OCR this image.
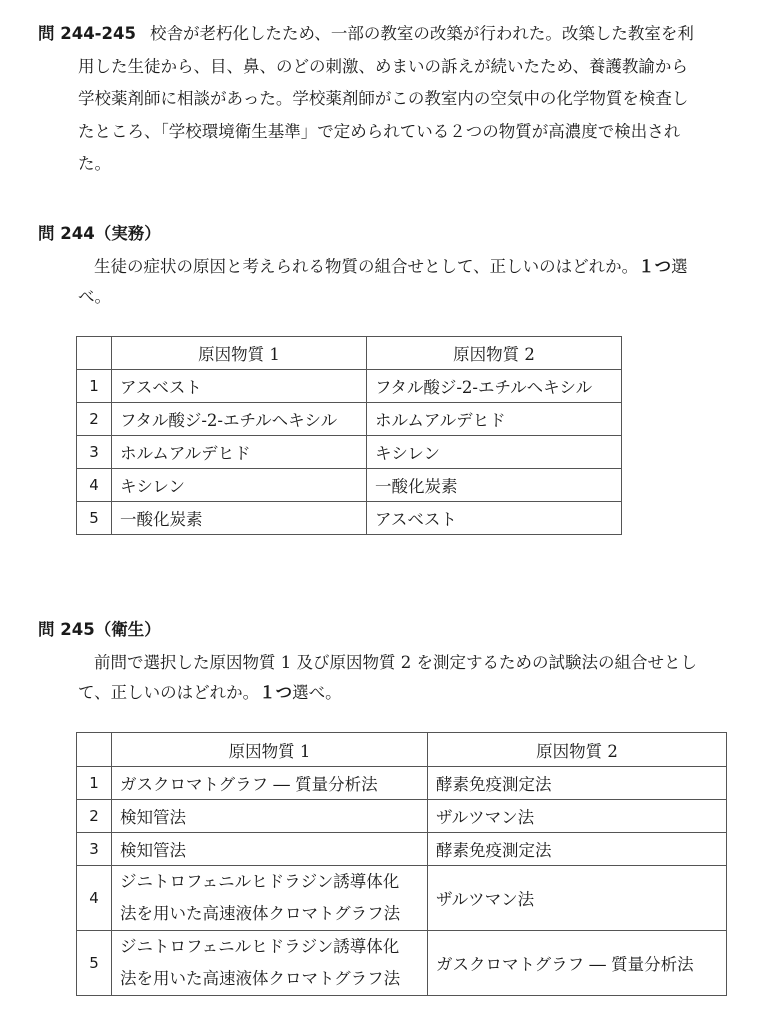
問 244-245 校舎が老朽化したため、一部の教室の改築が行われた。改築した教室を利
用した生徒から、目、鼻、のどの刺激、めまいの訴えが続いたため、養護教諭から
学校薬剤師に相談があった。学校薬剤師がこの教室内の空気中の化学物質を検査し
たところ、「学校環境衛生基準」で定められている２つの物質が高濃度で検出され
た。
問 244（実務）
生徒の症状の原因と考えられる物質の組合せとして、正しいのはどれか。１つ選
べ。
	原因物質 1	原因物質 2
1	アスベスト	フタル酸ジ-2-エチルヘキシル
2	フタル酸ジ-2-エチルヘキシル	ホルムアルデヒド
3	ホルムアルデヒド	キシレン
4	キシレン	一酸化炭素
5	一酸化炭素	アスベスト
問 245（衛生）
前問で選択した原因物質 1 及び原因物質 2 を測定するための試験法の組合せとし
て、正しいのはどれか。１つ選べ。
	原因物質 1	原因物質 2
1	ガスクロマトグラフ ― 質量分析法	酵素免疫測定法
2	検知管法	ザルツマン法
3	検知管法	酵素免疫測定法
4	ジニトロフェニルヒドラジン誘導体化
法を用いた高速液体クロマトグラフ法	ザルツマン法
5	ジニトロフェニルヒドラジン誘導体化
法を用いた高速液体クロマトグラフ法	ガスクロマトグラフ ― 質量分析法
